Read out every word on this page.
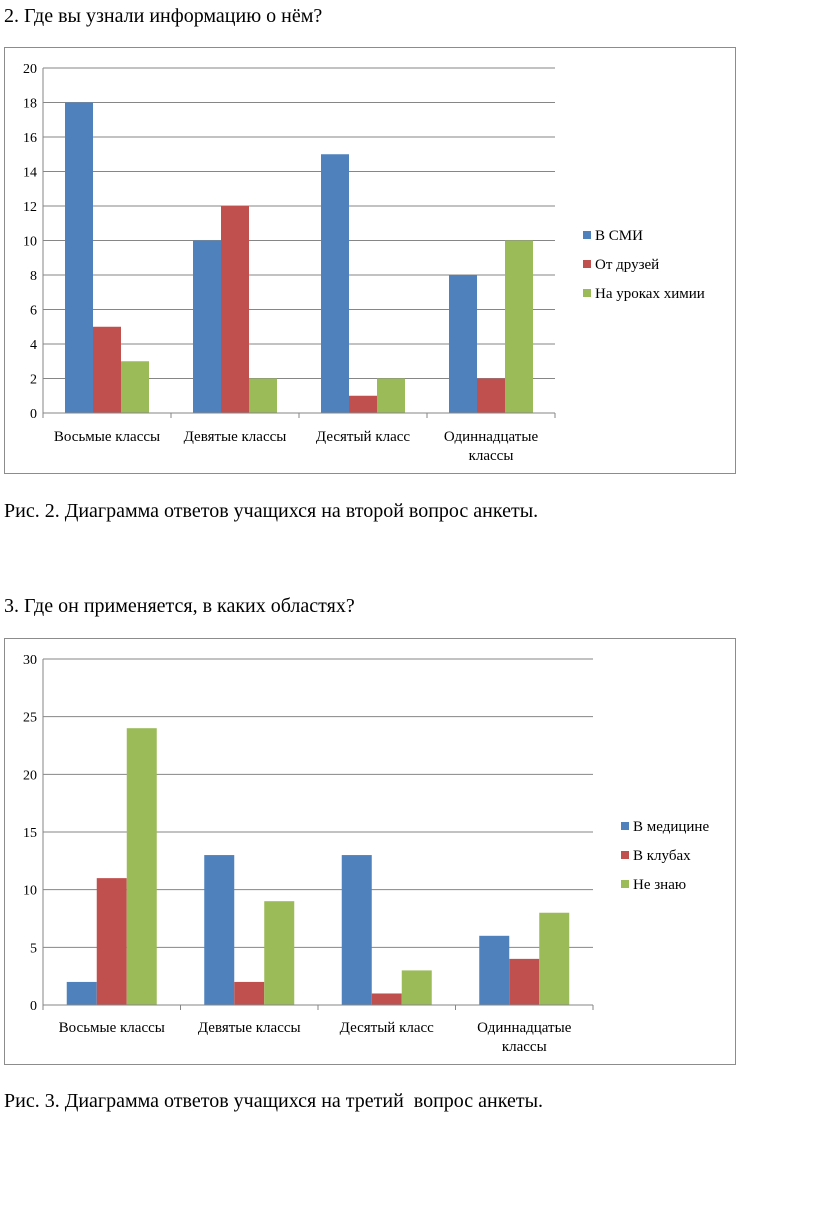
2. Где вы узнали информацию о нём?
0
2
4
6
8
10
12
14
16
18
20
Восьмые классы Девятые классы Десятый класс Одиннадцатые
классы
В СМИ
От друзей
На уроках химии
Рис. 2. Диаграмма ответов учащихся на второй вопрос анкеты.
3. Где он применяется, в каких областях?
0
5
10
15
20
25
30
Восьмые классы Девятые классы	Десятый класс	Одиннадцатые
классы
В медицине
В клубах
Не знаю
Рис. 3. Диаграмма ответов учащихся на третий  вопрос анкеты.
